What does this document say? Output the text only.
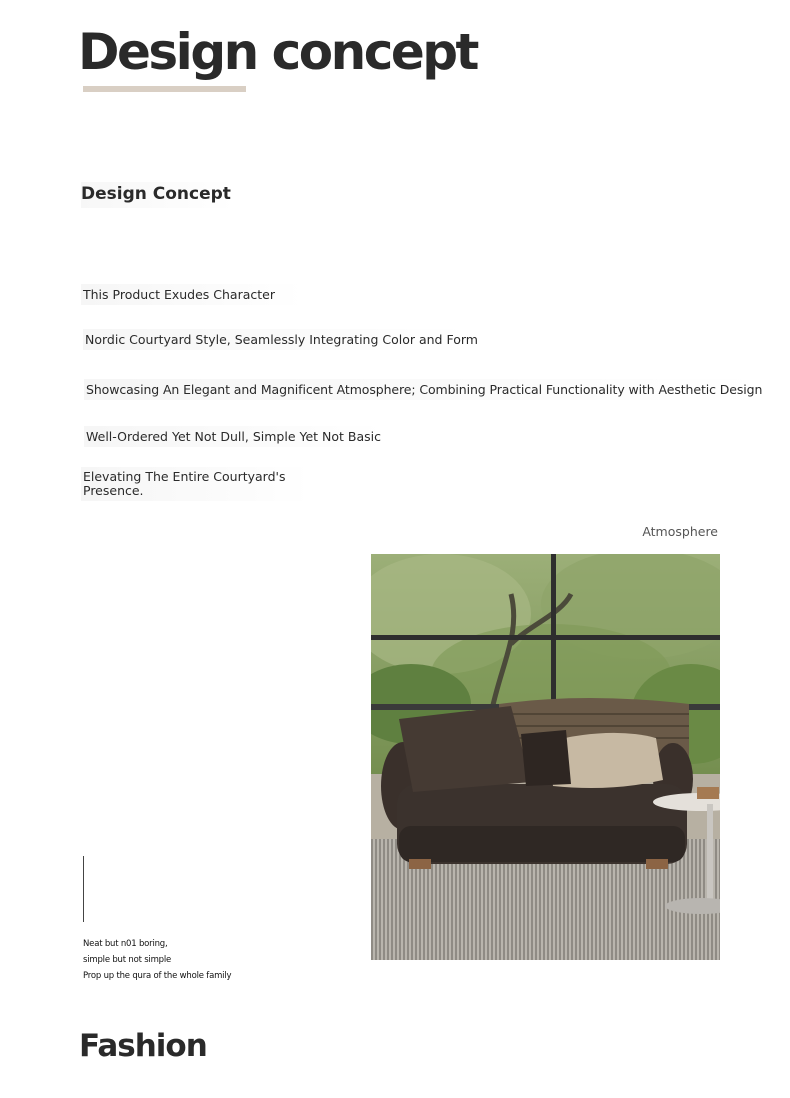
Design concept
Design Concept

This Product Exudes Character

Nordic Courtyard Style, Seamlessly Integrating Color and Form

Showcasing An Elegant and Magnificent Atmosphere; Combining Practical Functionality with Aesthetic Design

Well-Ordered Yet Not Dull, Simple Yet Not Basic

Elevating The Entire Courtyard's Presence.

Atmosphere

Neat but n01 boring,

simple but not simple

Prop up the qura of the whole family

Fashion
